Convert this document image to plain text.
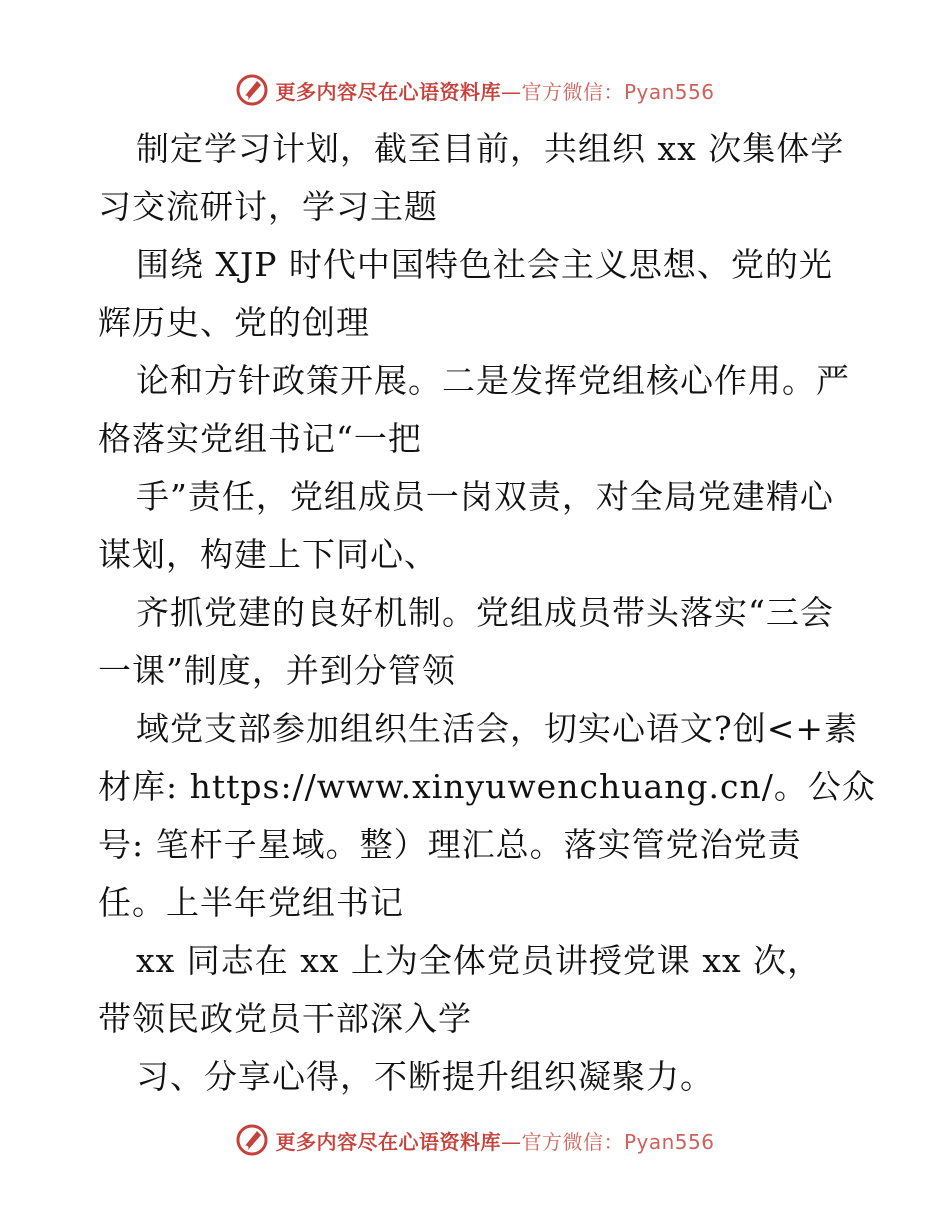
更多内容尽在心语资料库—官方微信：Pyan556
制定学习计划，截至目前，共组织 xx 次集体学
习交流研讨，学习主题
围绕 XJP 时代中国特色社会主义思想、党的光
辉历史、党的创理
论和方针政策开展。二是发挥党组核心作用。严
格落实党组书记“一把
手”责任，党组成员一岗双责，对全局党建精心
谋划，构建上下同心、
齐抓党建的良好机制。党组成员带头落实“三会
一课”制度，并到分管领
域党支部参加组织生活会，切实心语文?创<+素
材库: https://www.xinyuwenchuang.cn/。公众
号: 笔杆子星域。整）理汇总。落实管党治党责
任。上半年党组书记
xx 同志在 xx 上为全体党员讲授党课 xx 次，
带领民政党员干部深入学
习、分享心得，不断提升组织凝聚力。
更多内容尽在心语资料库—官方微信：Pyan556
